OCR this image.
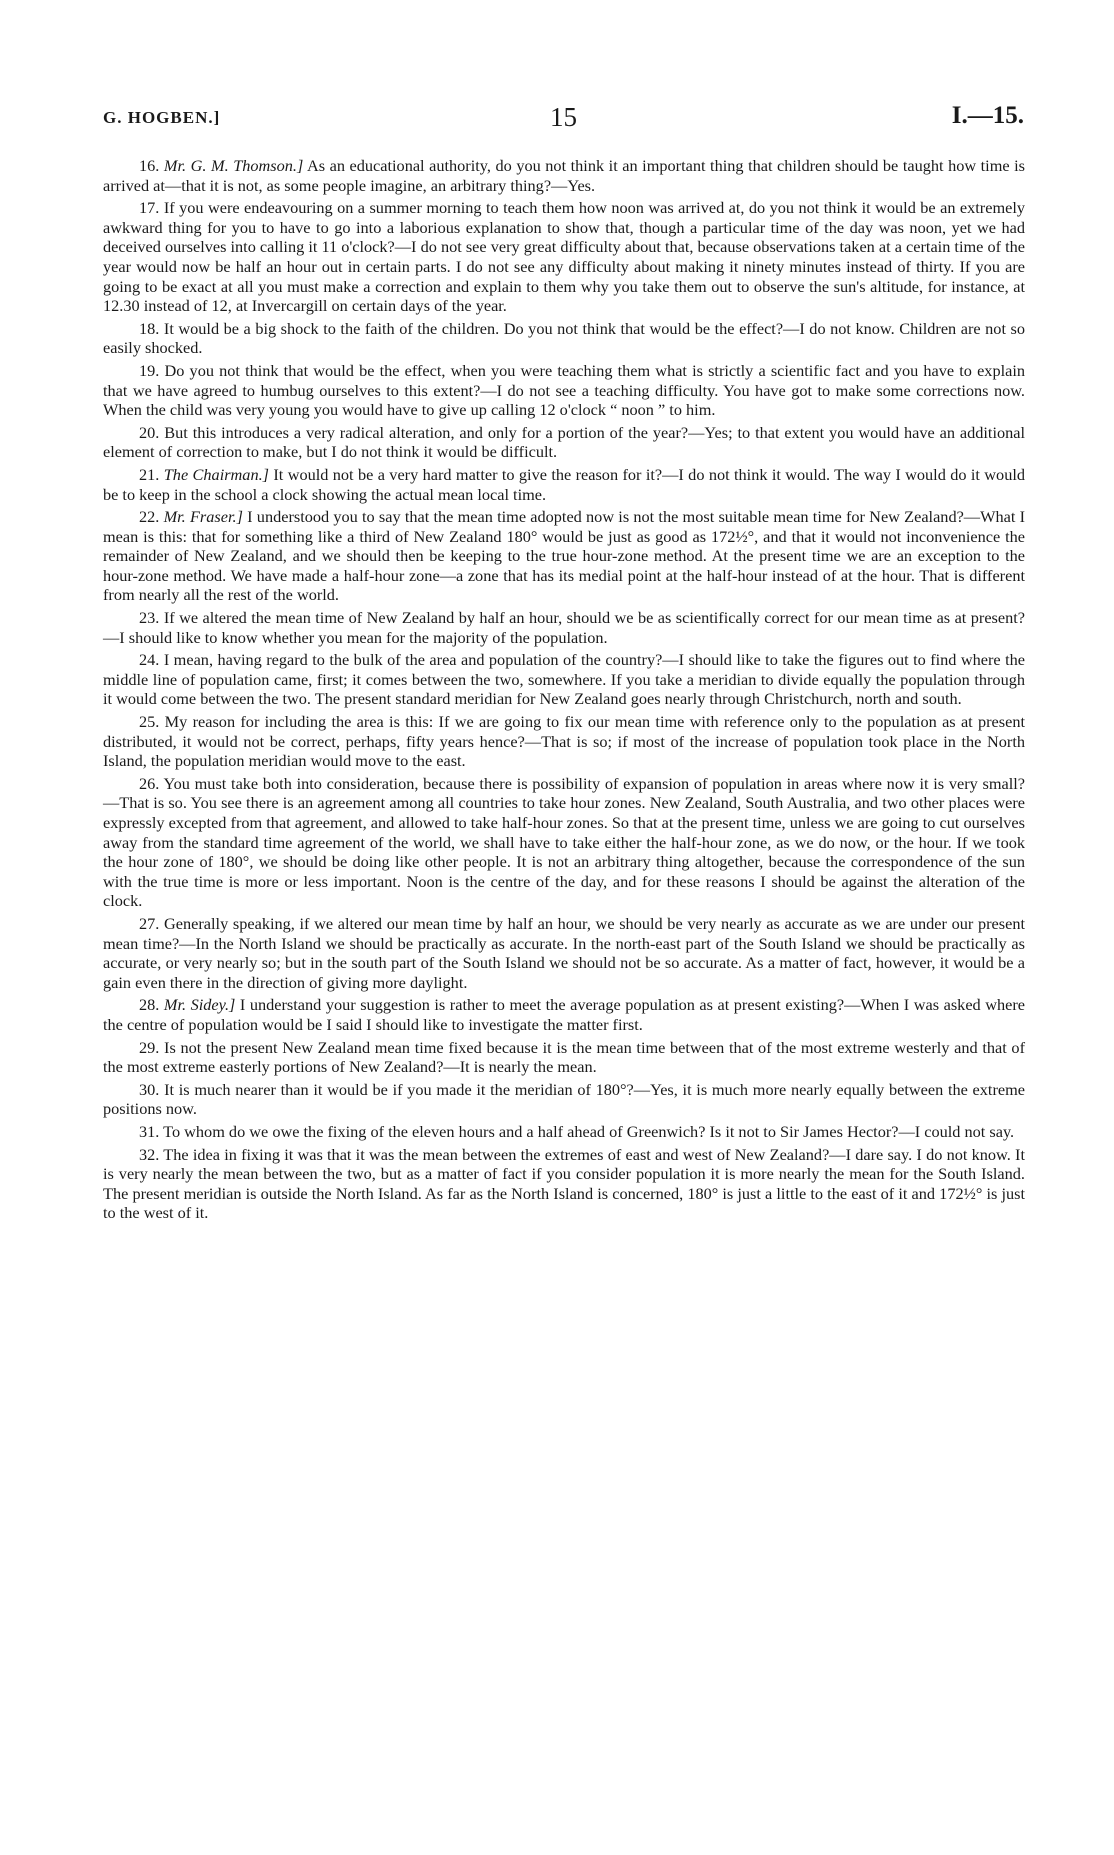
G. HOGBEN.]	15	I.—15.

16. Mr. G. M. Thomson.] As an educational authority, do you not think it an important thing that children should be taught how time is arrived at—that it is not, as some people imagine, an arbitrary thing?—Yes.

17. If you were endeavouring on a summer morning to teach them how noon was arrived at, do you not think it would be an extremely awkward thing for you to have to go into a laborious explanation to show that, though a particular time of the day was noon, yet we had deceived ourselves into calling it 11 o'clock?—I do not see very great difficulty about that, because observations taken at a certain time of the year would now be half an hour out in certain parts. I do not see any difficulty about making it ninety minutes instead of thirty. If you are going to be exact at all you must make a correction and explain to them why you take them out to observe the sun's altitude, for instance, at 12.30 instead of 12, at Invercargill on certain days of the year.

18. It would be a big shock to the faith of the children. Do you not think that would be the effect?—I do not know. Children are not so easily shocked.

19. Do you not think that would be the effect, when you were teaching them what is strictly a scientific fact and you have to explain that we have agreed to humbug ourselves to this extent?—I do not see a teaching difficulty. You have got to make some corrections now. When the child was very young you would have to give up calling 12 o'clock “ noon ” to him.

20. But this introduces a very radical alteration, and only for a portion of the year?—Yes; to that extent you would have an additional element of correction to make, but I do not think it would be difficult.

21. The Chairman.] It would not be a very hard matter to give the reason for it?—I do not think it would. The way I would do it would be to keep in the school a clock showing the actual mean local time.

22. Mr. Fraser.] I understood you to say that the mean time adopted now is not the most suitable mean time for New Zealand?—What I mean is this: that for something like a third of New Zealand 180° would be just as good as 172½°, and that it would not inconvenience the remainder of New Zealand, and we should then be keeping to the true hour-zone method. At the present time we are an exception to the hour-zone method. We have made a half-hour zone—a zone that has its medial point at the half-hour instead of at the hour. That is different from nearly all the rest of the world.

23. If we altered the mean time of New Zealand by half an hour, should we be as scientifically correct for our mean time as at present?—I should like to know whether you mean for the majority of the population.

24. I mean, having regard to the bulk of the area and population of the country?—I should like to take the figures out to find where the middle line of population came, first; it comes between the two, somewhere. If you take a meridian to divide equally the population through it would come between the two. The present standard meridian for New Zealand goes nearly through Christchurch, north and south.

25. My reason for including the area is this: If we are going to fix our mean time with reference only to the population as at present distributed, it would not be correct, perhaps, fifty years hence?—That is so; if most of the increase of population took place in the North Island, the population meridian would move to the east.

26. You must take both into consideration, because there is possibility of expansion of population in areas where now it is very small?—That is so. You see there is an agreement among all countries to take hour zones. New Zealand, South Australia, and two other places were expressly excepted from that agreement, and allowed to take half-hour zones. So that at the present time, unless we are going to cut ourselves away from the standard time agreement of the world, we shall have to take either the half-hour zone, as we do now, or the hour. If we took the hour zone of 180°, we should be doing like other people. It is not an arbitrary thing altogether, because the correspondence of the sun with the true time is more or less important. Noon is the centre of the day, and for these reasons I should be against the alteration of the clock.

27. Generally speaking, if we altered our mean time by half an hour, we should be very nearly as accurate as we are under our present mean time?—In the North Island we should be practically as accurate. In the north-east part of the South Island we should be practically as accurate, or very nearly so; but in the south part of the South Island we should not be so accurate. As a matter of fact, however, it would be a gain even there in the direction of giving more daylight.

28. Mr. Sidey.] I understand your suggestion is rather to meet the average population as at present existing?—When I was asked where the centre of population would be I said I should like to investigate the matter first.

29. Is not the present New Zealand mean time fixed because it is the mean time between that of the most extreme westerly and that of the most extreme easterly portions of New Zealand?—It is nearly the mean.

30. It is much nearer than it would be if you made it the meridian of 180°?—Yes, it is much more nearly equally between the extreme positions now.

31. To whom do we owe the fixing of the eleven hours and a half ahead of Greenwich? Is it not to Sir James Hector?—I could not say.

32. The idea in fixing it was that it was the mean between the extremes of east and west of New Zealand?—I dare say. I do not know. It is very nearly the mean between the two, but as a matter of fact if you consider population it is more nearly the mean for the South Island. The present meridian is outside the North Island. As far as the North Island is concerned, 180° is just a little to the east of it and 172½° is just to the west of it.
